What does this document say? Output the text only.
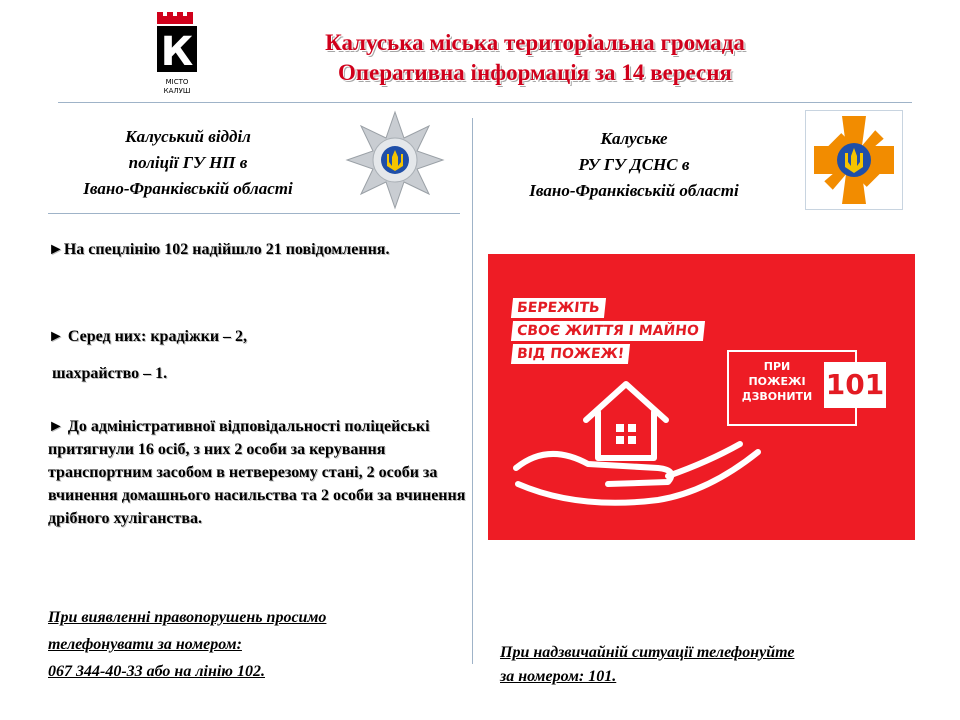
К
МІСТО
КАЛУШ
Калуська міська територіальна громада
Оперативна інформація за 14 вересня
Калуський відділ
поліції ГУ НП в
Івано-Франківській області
►На спецлінію 102 надійшло 21 повідомлення.
► Серед них: крадіжки – 2,
шахрайство – 1.
► До адміністративної відповідальності поліцейські притягнули 16 осіб, з них 2 особи за керування транспортним засобом в нетверезому стані, 2 особи за вчинення домашнього насильства та 2 особи за вчинення дрібного хуліганства.
При виявленні правопорушень просимо
телефонувати за номером:
067 344-40-33 або на лінію 102.
Калуське
РУ ГУ ДСНС в
Івано-Франківській області
БЕРЕЖІТЬ
СВОЄ ЖИТТЯ І МАЙНО
ВІД ПОЖЕЖ!
ПРИ
ПОЖЕЖІ
ДЗВОНИТИ 101
При надзвичайній ситуації телефонуйте
за номером: 101.
